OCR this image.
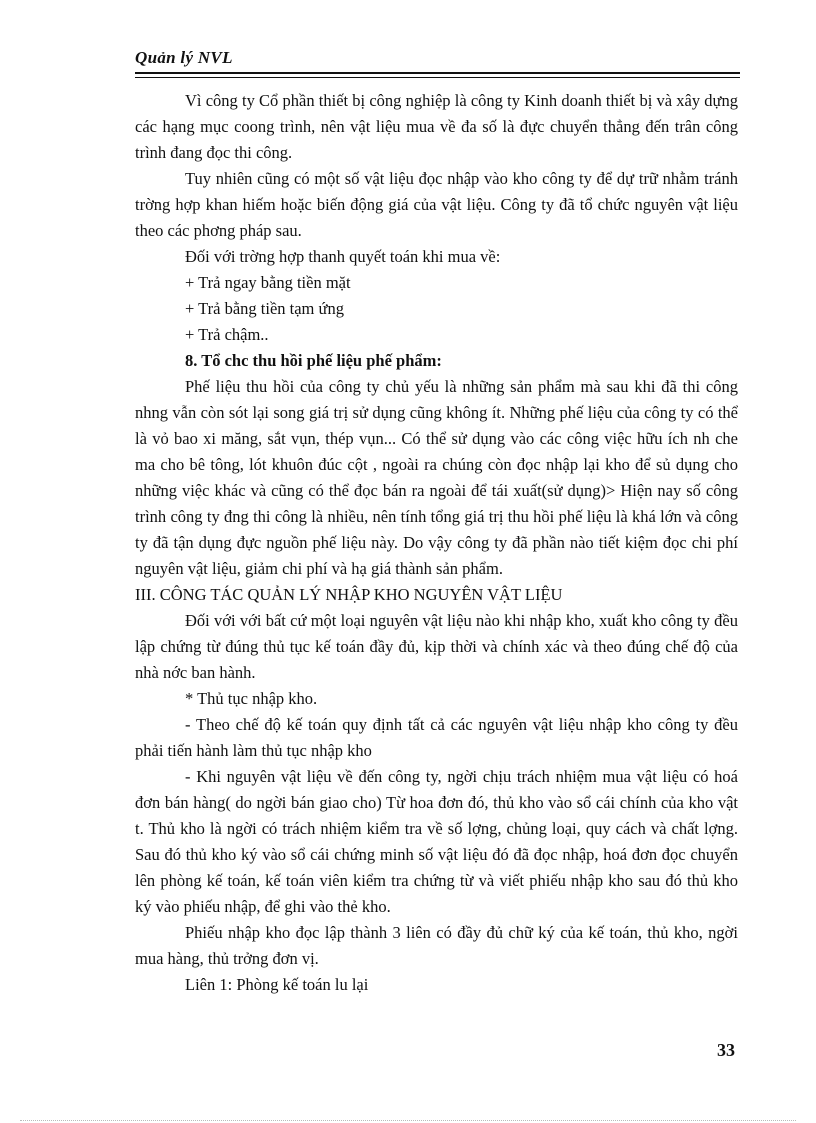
Quản lý NVL

Vì công ty Cổ phần thiết bị công nghiệp là công ty Kinh doanh thiết bị và xây dựng các hạng mục coong trình, nên vật liệu mua về đa số là đực chuyển thẳng đến trân công trình đang đọc thi công.

Tuy nhiên cũng có một số vật liệu đọc nhập vào kho công ty để dự trữ nhằm tránh trờng hợp khan hiếm hoặc biến động giá của vật liệu. Công ty đã tổ chức nguyên vật liệu theo các phơng pháp sau.

Đối với trờng hợp thanh quyết toán khi mua về:

+ Trả ngay bằng tiền mặt

+ Trả bằng tiền tạm ứng

+ Trả chậm..

8. Tổ chc thu hồi phế liệu phế phẩm:

Phế liệu thu hồi của công ty chủ yếu là những sản phẩm mà sau khi đã thi công nhng vẫn còn sót lại song giá trị sử dụng cũng không ít. Những phế liệu của công ty có thể là vỏ bao xi măng, sắt vụn, thép vụn... Có thể sử dụng vào các công việc hữu ích nh che ma cho bê tông, lót khuôn đúc cột , ngoài ra chúng còn đọc nhập lại kho để sủ dụng cho những việc khác và cũng có thể đọc bán ra ngoài để tái xuất(sử dụng)> Hiện nay số công trình công ty đng thi công là nhiều, nên tính tổng giá trị thu hồi phế liệu là khá lớn và công ty đã tận dụng đực nguồn phế liệu này. Do vậy công ty đã phần nào tiết kiệm đọc chi phí nguyên vật liệu, giảm chi phí và hạ giá thành sản phẩm.

III. CÔNG TÁC QUẢN LÝ NHẬP KHO NGUYÊN VẬT LIỆU

Đối với với bất cứ một loại nguyên vật liệu nào khi nhập kho, xuất kho công ty đều lập chứng từ đúng thủ tục kế toán đầy đủ, kịp thời và chính xác và theo đúng chế độ của nhà nớc ban hành.

* Thủ tục nhập kho.

- Theo chế độ kế toán quy định tất cả các nguyên vật liệu nhập kho công ty đều phải tiến hành làm thủ tục nhập kho

- Khi nguyên vật liệu về đến công ty, ngời chịu trách nhiệm mua vật liệu có hoá đơn bán hàng( do ngời bán giao cho) Từ hoa đơn đó, thủ kho vào sổ cái chính của kho vật t. Thủ kho là ngời có trách nhiệm kiểm tra về số lợng, chủng loại, quy cách và chất lợng. Sau đó thủ kho ký vào sổ cái chứng minh số vật liệu đó đã đọc nhập, hoá đơn đọc chuyển lên phòng kế toán, kế toán viên kiểm tra chứng từ và viết phiếu nhập kho sau đó thủ kho ký vào phiếu nhập, để ghi vào thẻ kho.

Phiếu nhập kho đọc lập thành 3 liên có đầy đủ chữ ký của kế toán, thủ kho, ngời mua hàng, thủ trởng đơn vị.

Liên 1: Phòng kế toán lu lại

33
